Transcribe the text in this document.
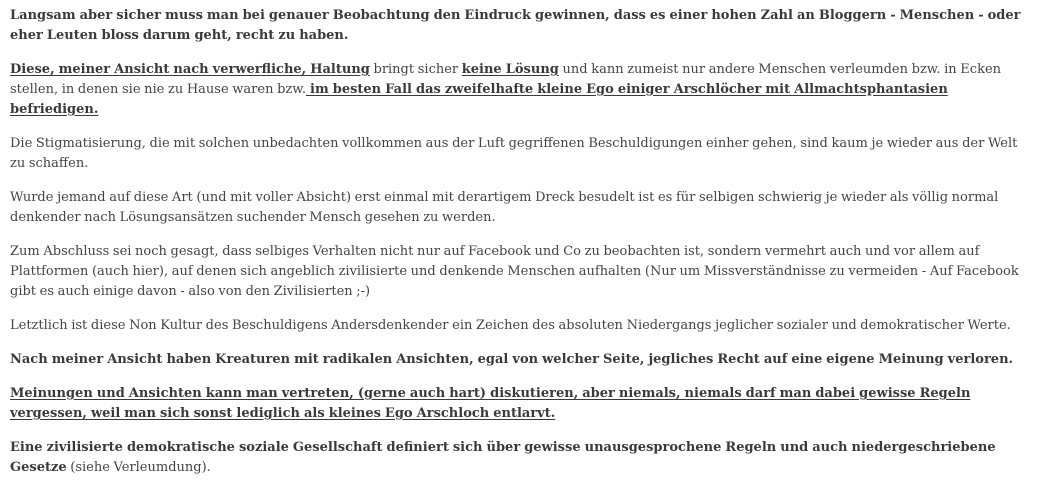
Langsam aber sicher muss man bei genauer Beobachtung den Eindruck gewinnen, dass es einer hohen Zahl an Bloggern - Menschen - oder eher Leuten bloss darum geht, recht zu haben.

Diese, meiner Ansicht nach verwerfliche, Haltung bringt sicher keine Lösung und kann zumeist nur andere Menschen verleumden bzw. in Ecken stellen, in denen sie nie zu Hause waren bzw. im besten Fall das zweifelhafte kleine Ego einiger Arschlöcher mit Allmachtsphantasien befriedigen.

Die Stigmatisierung, die mit solchen unbedachten vollkommen aus der Luft gegriffenen Beschuldigungen einher gehen, sind kaum je wieder aus der Welt zu schaffen.

Wurde jemand auf diese Art (und mit voller Absicht) erst einmal mit derartigem Dreck besudelt ist es für selbigen schwierig je wieder als völlig normal denkender nach Lösungsansätzen suchender Mensch gesehen zu werden.

Zum Abschluss sei noch gesagt, dass selbiges Verhalten nicht nur auf Facebook und Co zu beobachten ist, sondern vermehrt auch und vor allem auf Plattformen (auch hier), auf denen sich angeblich zivilisierte und denkende Menschen aufhalten (Nur um Missverständnisse zu vermeiden - Auf Facebook gibt es auch einige davon - also von den Zivilisierten ;-)

Letztlich ist diese Non Kultur des Beschuldigens Andersdenkender ein Zeichen des absoluten Niedergangs jeglicher sozialer und demokratischer Werte.

Nach meiner Ansicht haben Kreaturen mit radikalen Ansichten, egal von welcher Seite, jegliches Recht auf eine eigene Meinung verloren.

Meinungen und Ansichten kann man vertreten, (gerne auch hart) diskutieren, aber niemals, niemals darf man dabei gewisse Regeln vergessen, weil man sich sonst lediglich als kleines Ego Arschloch entlarvt.

Eine zivilisierte demokratische soziale Gesellschaft definiert sich über gewisse unausgesprochene Regeln und auch niedergeschriebene Gesetze (siehe Verleumdung).
